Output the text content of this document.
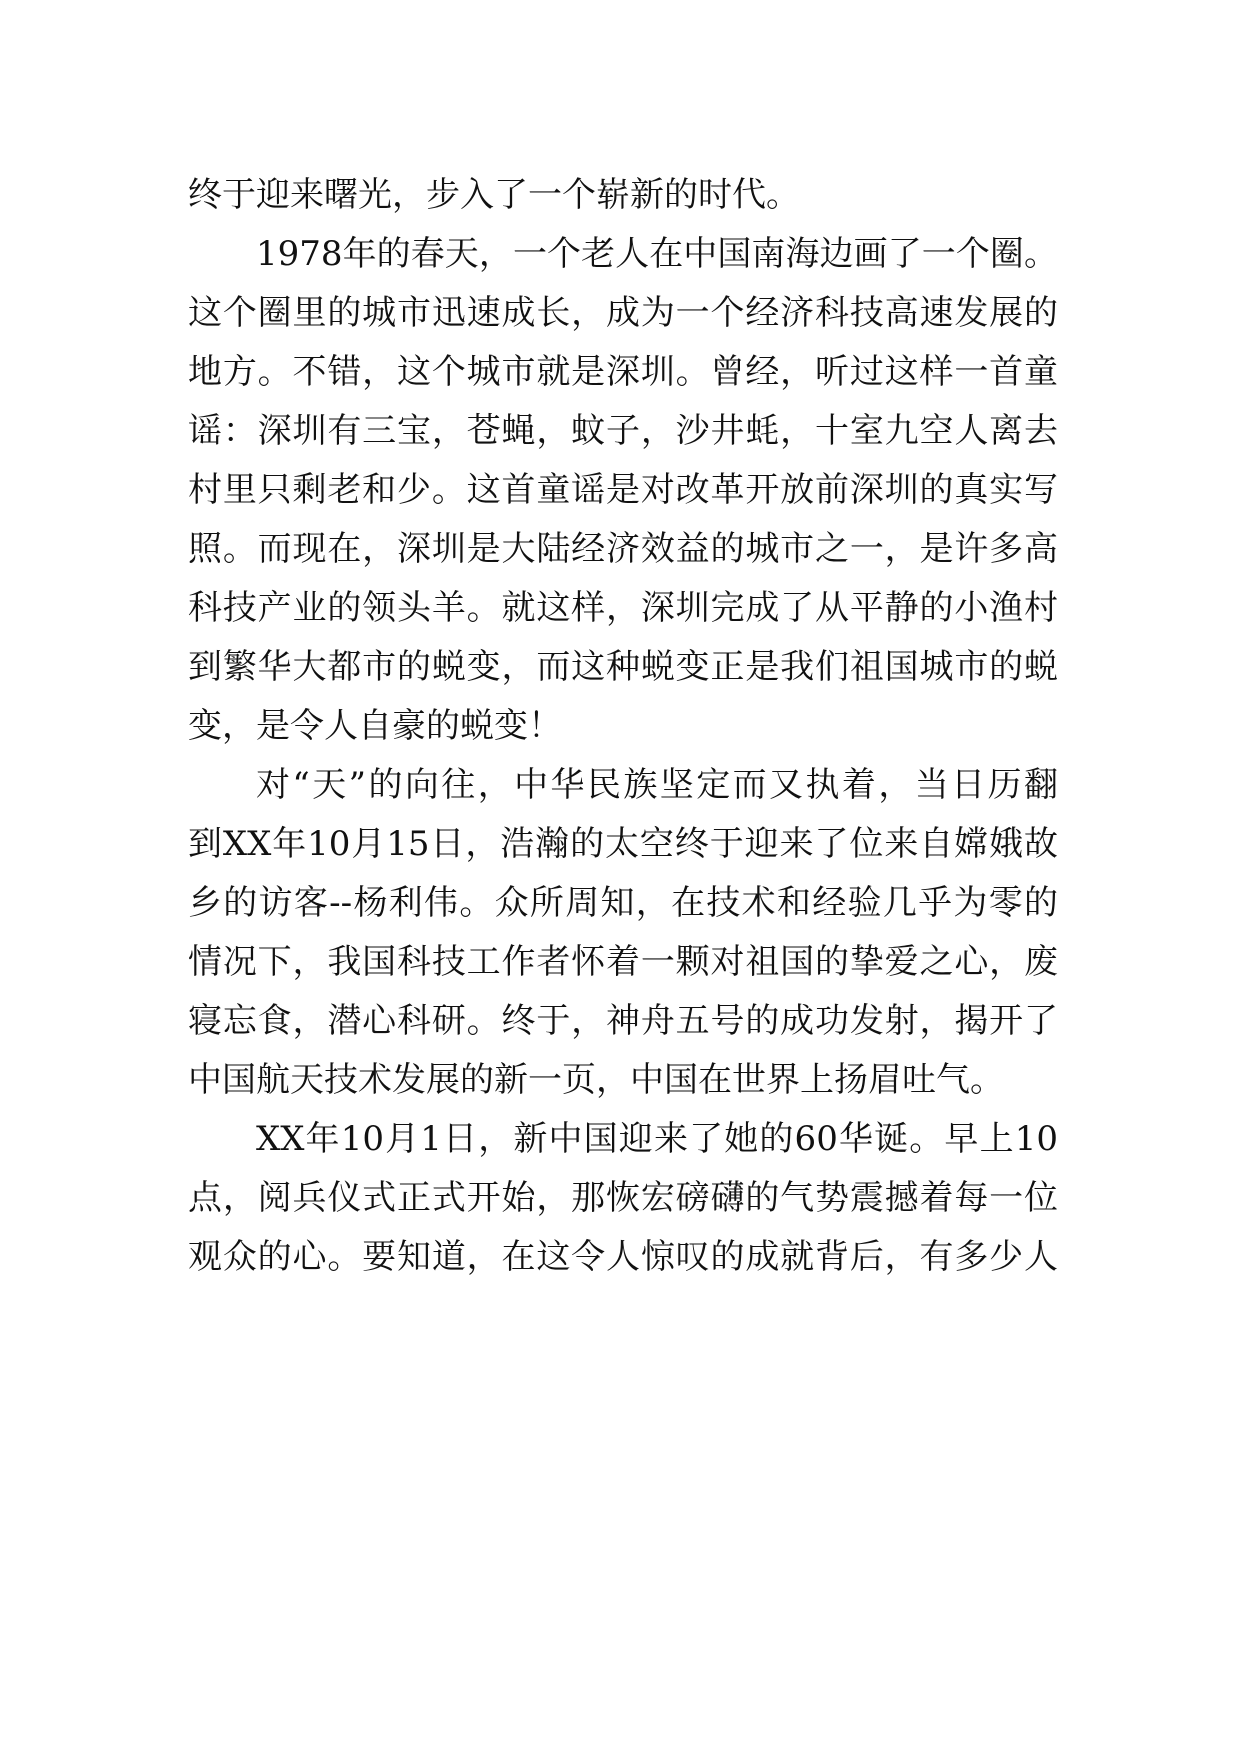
终于迎来曙光，步入了一个崭新的时代。
1978年的春天，一个老人在中国南海边画了一个圈。
这个圈里的城市迅速成长，成为一个经济科技高速发展的
地方。不错，这个城市就是深圳。曾经，听过这样一首童
谣：深圳有三宝，苍蝇，蚊子，沙井蚝，十室九空人离去
村里只剩老和少。这首童谣是对改革开放前深圳的真实写
照。而现在，深圳是大陆经济效益的城市之一，是许多高
科技产业的领头羊。就这样，深圳完成了从平静的小渔村
到繁华大都市的蜕变，而这种蜕变正是我们祖国城市的蜕
变，是令人自豪的蜕变！
对“天”的向往，中华民族坚定而又执着，当日历翻
到XX年10月15日，浩瀚的太空终于迎来了位来自嫦娥故
乡的访客--杨利伟。众所周知，在技术和经验几乎为零的
情况下，我国科技工作者怀着一颗对祖国的挚爱之心，废
寝忘食，潜心科研。终于，神舟五号的成功发射，揭开了
中国航天技术发展的新一页，中国在世界上扬眉吐气。
XX年10月1日，新中国迎来了她的60华诞。早上10
点，阅兵仪式正式开始，那恢宏磅礴的气势震撼着每一位
观众的心。要知道，在这令人惊叹的成就背后，有多少人
